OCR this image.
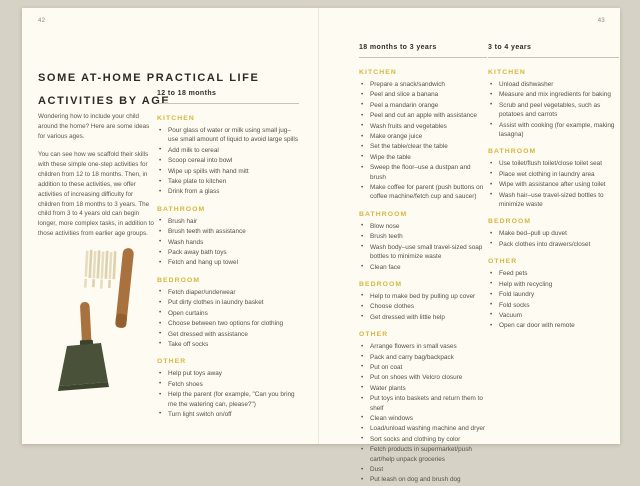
42
SOME AT-HOME PRACTICAL LIFE
ACTIVITIES BY AGE

Wondering how to include your child around the home? Here are some ideas for various ages.

You can see how we scaffold their skills with these simple one-step activities for children from 12 to 18 months. Then, in addition to these activities, we offer activities of increasing difficulty for children from 18 months to 3 years. The child from 3 to 4 years old can begin longer, more complex tasks, in addition to those activities from earlier age groups.

12 to 18 months
KITCHEN
• Pour glass of water or milk using small jug–use small amount of liquid to avoid large spills
• Add milk to cereal
• Scoop cereal into bowl
• Wipe up spills with hand mitt
• Take plate to kitchen
• Drink from a glass
BATHROOM
• Brush hair
• Brush teeth with assistance
• Wash hands
• Pack away bath toys
• Fetch and hang up towel
BEDROOM
• Fetch diaper/underwear
• Put dirty clothes in laundry basket
• Open curtains
• Choose between two options for clothing
• Get dressed with assistance
• Take off socks
OTHER
• Help put toys away
• Fetch shoes
• Help the parent (for example, "Can you bring me the watering can, please?")
• Turn light switch on/off
43
18 months to 3 years
KITCHEN
• Prepare a snack/sandwich
• Peel and slice a banana
• Peel a mandarin orange
• Peel and cut an apple with assistance
• Wash fruits and vegetables
• Make orange juice
• Set the table/clear the table
• Wipe the table
• Sweep the floor–use a dustpan and brush
• Make coffee for parent (push buttons on coffee machine/fetch cup and saucer)
BATHROOM
• Blow nose
• Brush teeth
• Wash body–use small travel-sized soap bottles to minimize waste
• Clean face
BEDROOM
• Help to make bed by pulling up cover
• Choose clothes
• Get dressed with little help
OTHER
• Arrange flowers in small vases
• Pack and carry bag/backpack
• Put on coat
• Put on shoes with Velcro closure
• Water plants
• Put toys into baskets and return them to shelf
• Clean windows
• Load/unload washing machine and dryer
• Sort socks and clothing by color
• Fetch products in supermarket/push cart/help unpack groceries
• Dust
• Put leash on dog and brush dog
3 to 4 years
KITCHEN
• Unload dishwasher
• Measure and mix ingredients for baking
• Scrub and peel vegetables, such as potatoes and carrots
• Assist with cooking (for example, making lasagna)
BATHROOM
• Use toilet/flush toilet/close toilet seat
• Place wet clothing in laundry area
• Wipe with assistance after using toilet
• Wash hair–use travel-sized bottles to minimize waste
BEDROOM
• Make bed–pull up duvet
• Pack clothes into drawers/closet
OTHER
• Feed pets
• Help with recycling
• Fold laundry
• Fold socks
• Vacuum
• Open car door with remote
